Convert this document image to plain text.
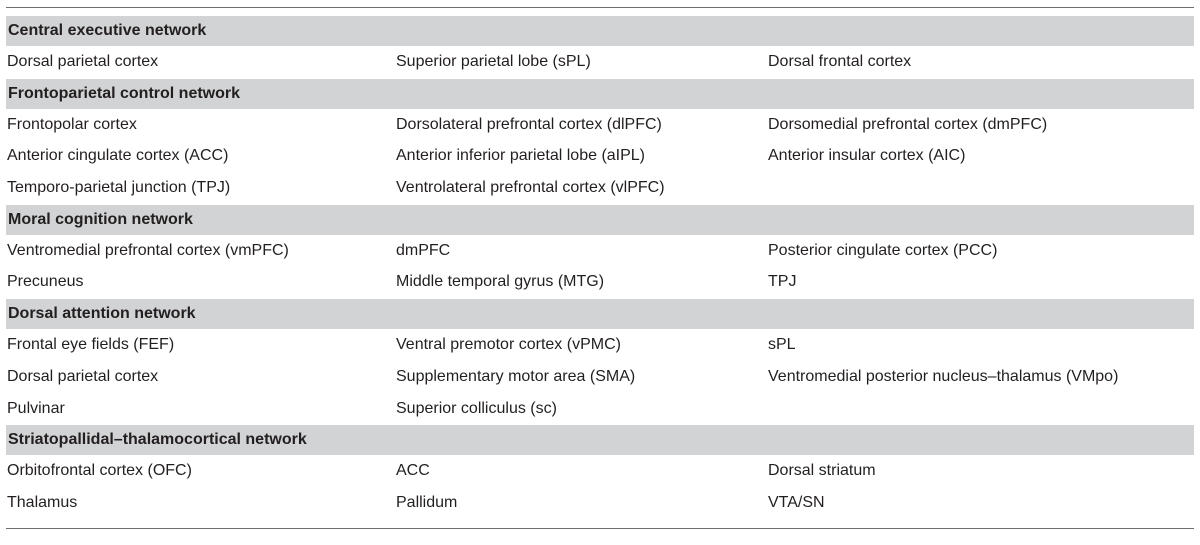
Central executive network
Dorsal parietal cortex	Superior parietal lobe (sPL)	Dorsal frontal cortex
Frontoparietal control network
Frontopolar cortex	Dorsolateral prefrontal cortex (dlPFC)	Dorsomedial prefrontal cortex (dmPFC)
Anterior cingulate cortex (ACC)	Anterior inferior parietal lobe (aIPL)	Anterior insular cortex (AIC)
Temporo-parietal junction (TPJ)	Ventrolateral prefrontal cortex (vlPFC)
Moral cognition network
Ventromedial prefrontal cortex (vmPFC)	dmPFC	Posterior cingulate cortex (PCC)
Precuneus	Middle temporal gyrus (MTG)	TPJ
Dorsal attention network
Frontal eye fields (FEF)	Ventral premotor cortex (vPMC)	sPL
Dorsal parietal cortex	Supplementary motor area (SMA)	Ventromedial posterior nucleus–thalamus (VMpo)
Pulvinar	Superior colliculus (sc)
Striatopallidal–thalamocortical network
Orbitofrontal cortex (OFC)	ACC	Dorsal striatum
Thalamus	Pallidum	VTA/SN
